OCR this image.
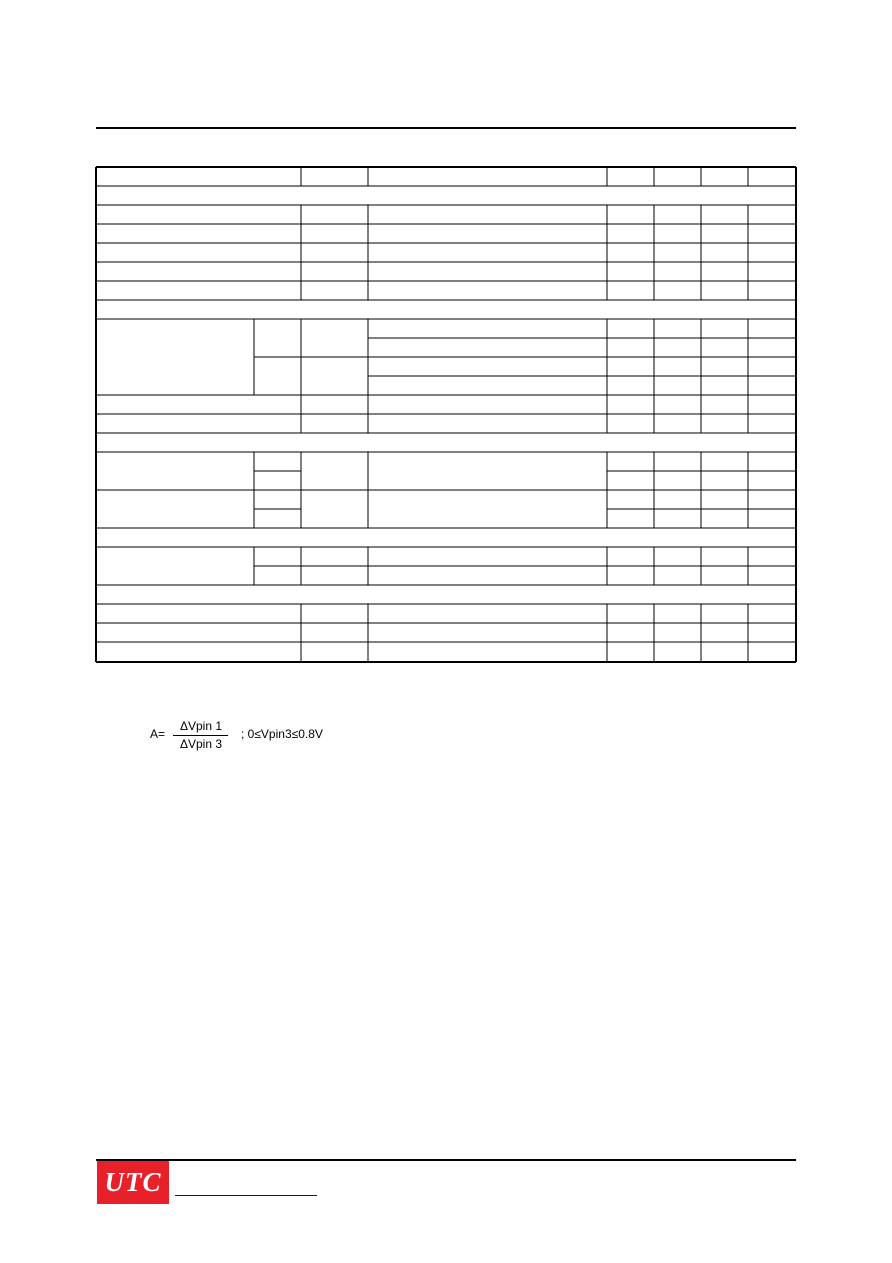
A=
ΔVpin 1
ΔVpin 3
; 0≤Vpin3≤0.8V
UTC
